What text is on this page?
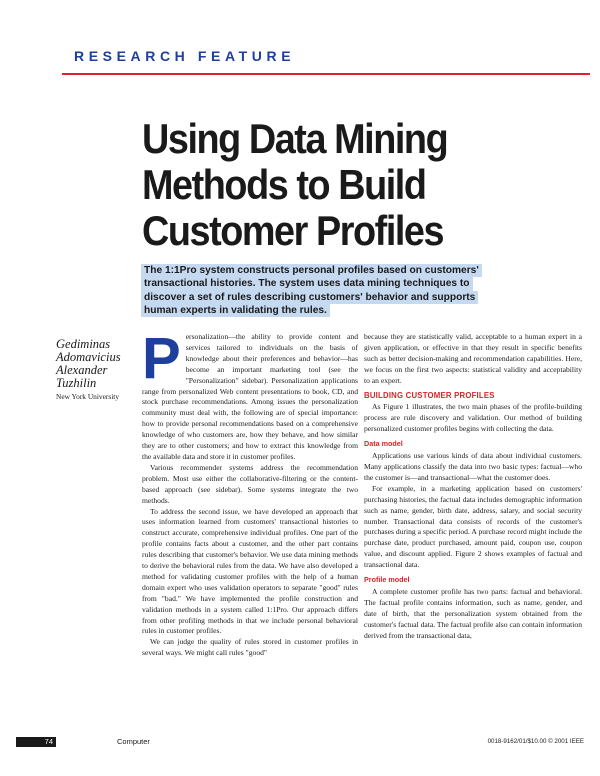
RESEARCH FEATURE
Using Data Mining
Methods to Build
Customer Profiles
The 1:1Pro system constructs personal profiles based on customers'
transactional histories. The system uses data mining techniques to
discover a set of rules describing customers' behavior and supports
human experts in validating the rules.
Gediminas
Adomavicius
Alexander
Tuzhilin
New York University

Personalization—the ability to provide content and services tailored to individuals on the basis of knowledge about their preferences and behavior—has become an important marketing tool (see the "Personalization" sidebar). Personalization applications range from personalized Web content presentations to book, CD, and stock purchase recommendations. Among issues the personalization community must deal with, the following are of special importance: how to provide personal recommendations based on a comprehensive knowledge of who customers are, how they behave, and how similar they are to other customers; and how to extract this knowledge from the available data and store it in customer profiles.

Various recommender systems address the recommendation problem. Most use either the collaborative-filtering or the content-based approach (see sidebar). Some systems integrate the two methods.

To address the second issue, we have developed an approach that uses information learned from customers' transactional histories to construct accurate, comprehensive individual profiles. One part of the profile contains facts about a customer, and the other part contains rules describing that customer's behavior. We use data mining methods to derive the behavioral rules from the data. We have also developed a method for validating customer profiles with the help of a human domain expert who uses validation operators to separate "good" rules from "bad." We have implemented the profile construction and validation methods in a system called 1:1Pro. Our approach differs from other profiling methods in that we include personal behavioral rules in customer profiles.

We can judge the quality of rules stored in customer profiles in several ways. We might call rules "good"

because they are statistically valid, acceptable to a human expert in a given application, or effective in that they result in specific benefits such as better decision-making and recommendation capabilities. Here, we focus on the first two aspects: statistical validity and acceptability to an expert.

BUILDING CUSTOMER PROFILES

As Figure 1 illustrates, the two main phases of the profile-building process are rule discovery and validation. Our method of building personalized customer profiles begins with collecting the data.

Data model

Applications use various kinds of data about individual customers. Many applications classify the data into two basic types: factual—who the customer is—and transactional—what the customer does.

For example, in a marketing application based on customers' purchasing histories, the factual data includes demographic information such as name, gender, birth date, address, salary, and social security number. Transactional data consists of records of the customer's purchases during a specific period. A purchase record might include the purchase date, product purchased, amount paid, coupon use, coupon value, and discount applied. Figure 2 shows examples of factual and transactional data.

Profile model

A complete customer profile has two parts: factual and behavioral. The factual profile contains information, such as name, gender, and date of birth, that the personalization system obtained from the customer's factual data. The factual profile also can contain information derived from the transactional data,

74	Computer	0018-9162/01/$10.00 © 2001 IEEE
